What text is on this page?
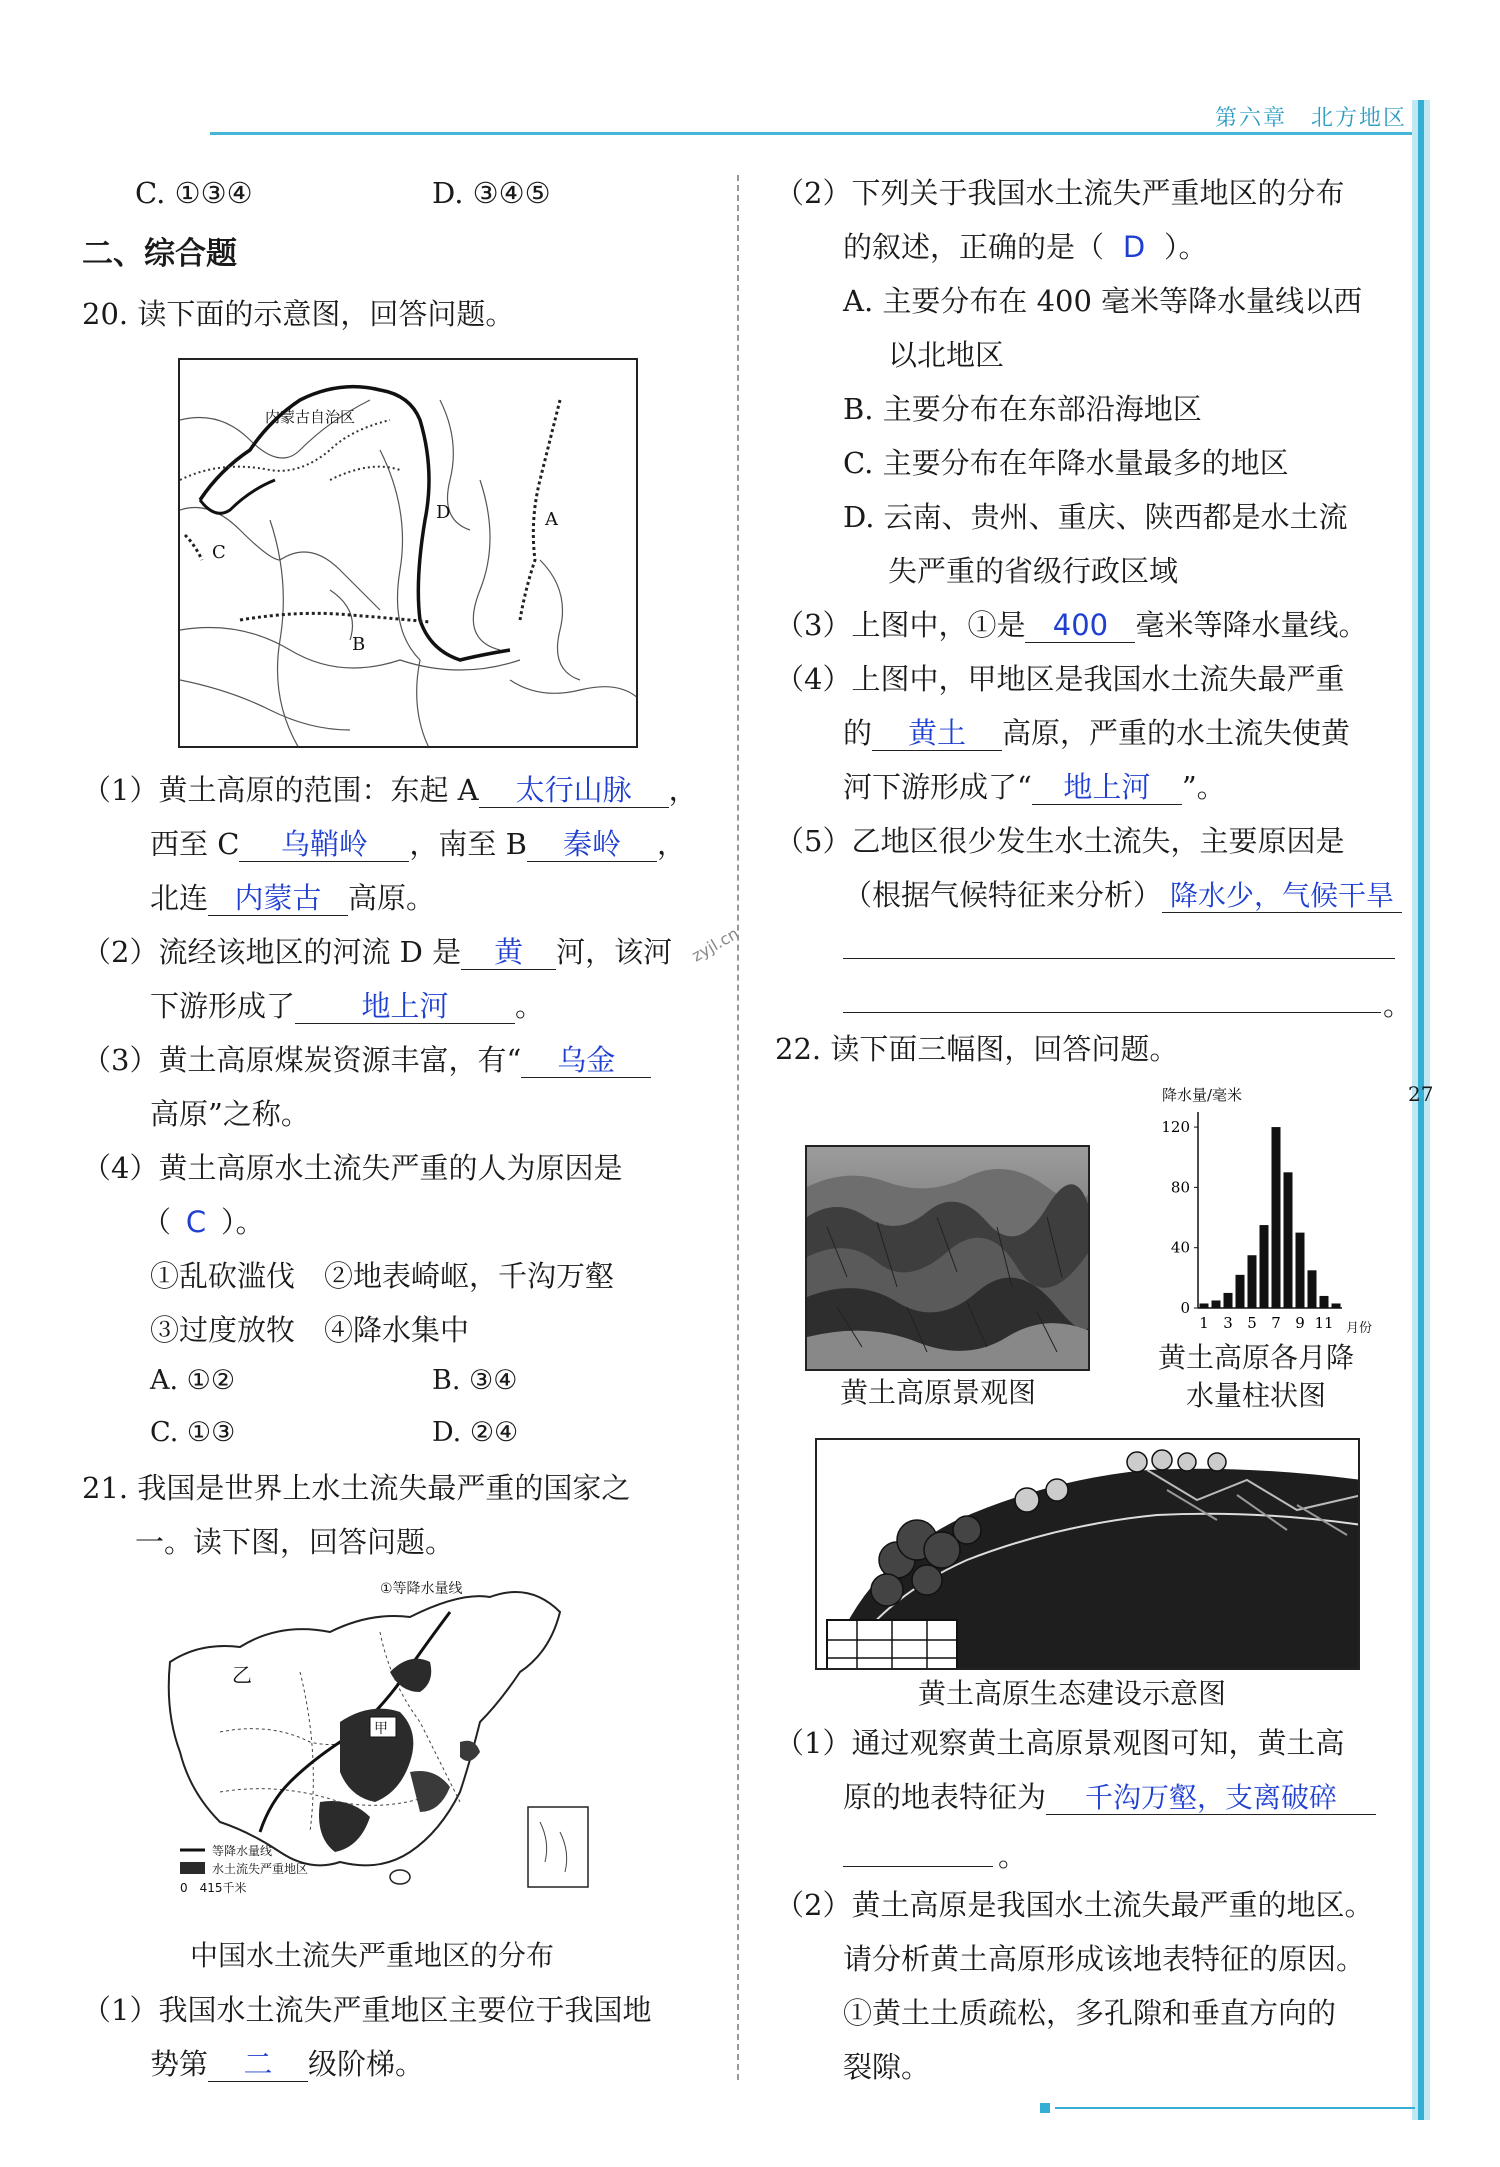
第六章　北方地区
27
C. ①③④	D. ③④⑤
二、综合题
20. 读下面的示意图，回答问题。
内蒙古自治区
A
B
C
D
（1）黄土高原的范围：东起 A 太行山脉 ，
西至 C 乌鞘岭 ，南至 B 秦岭 ，
北连 内蒙古 高原。
（2）流经该地区的河流 D 是 黄 河，该河
下游形成了 地上河 。
（3）黄土高原煤炭资源丰富，有“ 乌金
高原”之称。
（4）黄土高原水土流失严重的人为原因是
（ C ）。
①乱砍滥伐　②地表崎岖，千沟万壑
③过度放牧　④降水集中
A. ①②	B. ③④
C. ①③	D. ②④
21. 我国是世界上水土流失最严重的国家之
一。读下图，回答问题。
①等降水量线
乙
甲
等降水量线
水土流失严重地区
0　415千米
中国水土流失严重地区的分布
（1）我国水土流失严重地区主要位于我国地
势第 二 级阶梯。
（2）下列关于我国水土流失严重地区的分布
的叙述，正确的是（ D ）。
A. 主要分布在 400 毫米等降水量线以西
以北地区
B. 主要分布在东部沿海地区
C. 主要分布在年降水量最多的地区
D. 云南、贵州、重庆、陕西都是水土流
失严重的省级行政区域
（3）上图中，①是 400 毫米等降水量线。
（4）上图中，甲地区是我国水土流失最严重
的 黄土 高原，严重的水土流失使黄
河下游形成了“ 地上河 ”。
（5）乙地区很少发生水土流失，主要原因是
（根据气候特征来分析） 降水少，气候干旱
。
zyjl.cn
22. 读下面三幅图，回答问题。
黄土高原景观图
降水量/毫米
0
40
80
120
1 3 5 7 9 11 月份
黄土高原各月降
水量柱状图
黄土高原生态建设示意图
（1）通过观察黄土高原景观图可知，黄土高
原的地表特征为 千沟万壑，支离破碎
。
（2）黄土高原是我国水土流失最严重的地区。
请分析黄土高原形成该地表特征的原因。
①黄土土质疏松，多孔隙和垂直方向的
裂隙。
